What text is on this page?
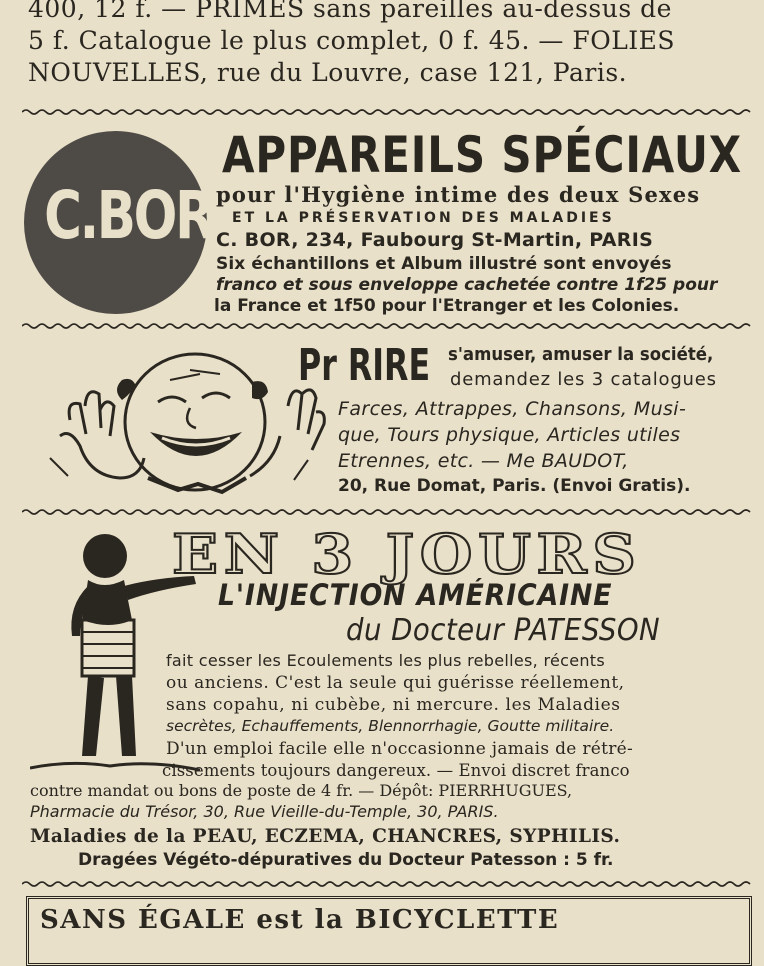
400, 12 f. — PRIMES sans pareilles au-dessus de
5 f. Catalogue le plus complet, 0 f. 45. — FOLIES
NOUVELLES, rue du Louvre, case 121, Paris.
C.BOR
APPAREILS SPÉCIAUX
pour l'Hygiène intime des deux Sexes
ET LA PRÉSERVATION DES MALADIES
C. BOR, 234, Faubourg St-Martin, PARIS
Six échantillons et Album illustré sont envoyés
franco et sous enveloppe cachetée contre 1f25 pour
la France et 1f50 pour l'Etranger et les Colonies.
Pr RIRE s'amuser, amuser la société,
demandez les 3 catalogues
Farces, Attrappes, Chansons, Musi-
que, Tours physique, Articles utiles
Etrennes, etc. — Me BAUDOT,
20, Rue Domat, Paris. (Envoi Gratis).
EN 3 JOURS
L'INJECTION AMÉRICAINE
du Docteur PATESSON
fait cesser les Ecoulements les plus rebelles, récents
ou anciens. C'est la seule qui guérisse réellement,
sans copahu, ni cubèbe, ni mercure. les Maladies
secrètes, Echauffements, Blennorrhagie, Goutte militaire.
D'un emploi facile elle n'occasionne jamais de rétré-
cissements toujours dangereux. — Envoi discret franco
contre mandat ou bons de poste de 4 fr. — Dépôt: PIERRHUGUES,
Pharmacie du Trésor, 30, Rue Vieille-du-Temple, 30, PARIS.
Maladies de la PEAU, ECZEMA, CHANCRES, SYPHILIS.
Dragées Végéto-dépuratives du Docteur Patesson : 5 fr.
SANS ÉGALE est la BICYCLETTE
